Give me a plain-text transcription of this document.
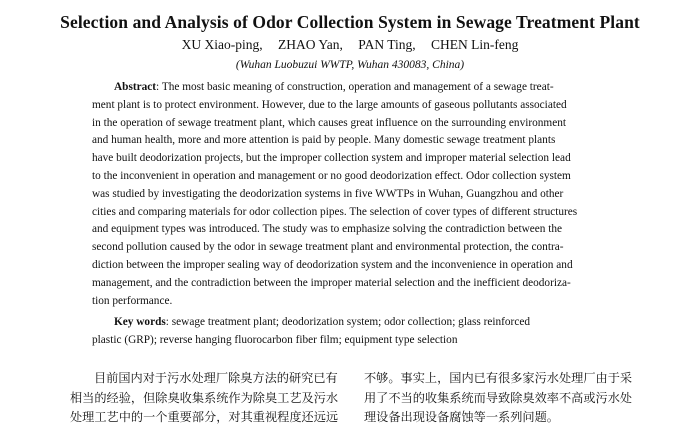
Selection and Analysis of Odor Collection System in Sewage Treatment Plant
XU Xiao-ping, ZHAO Yan, PAN Ting, CHEN Lin-feng
(Wuhan Luobuzui WWTP, Wuhan 430083, China)
Abstract: The most basic meaning of construction, operation and management of a sewage treat-
ment plant is to protect environment. However, due to the large amounts of gaseous pollutants associated
in the operation of sewage treatment plant, which causes great influence on the surrounding environment
and human health, more and more attention is paid by people. Many domestic sewage treatment plants
have built deodorization projects, but the improper collection system and improper material selection lead
to the inconvenient in operation and management or no good deodorization effect. Odor collection system
was studied by investigating the deodorization systems in five WWTPs in Wuhan, Guangzhou and other
cities and comparing materials for odor collection pipes. The selection of cover types of different structures
and equipment types was introduced. The study was to emphasize solving the contradiction between the
second pollution caused by the odor in sewage treatment plant and environmental protection, the contra-
diction between the improper sealing way of deodorization system and the inconvenience in operation and
management, and the contradiction between the improper material selection and the inefficient deodoriza-
tion performance.
Key words: sewage treatment plant; deodorization system; odor collection; glass reinforced
plastic (GRP); reverse hanging fluorocarbon fiber film; equipment type selection
目前国内对于污水处理厂除臭方法的研究已有
相当的经验，但除臭收集系统作为除臭工艺及污水
处理工艺中的一个重要部分，对其重视程度还远远
不够。事实上，国内已有很多家污水处理厂由于采
用了不当的收集系统而导致除臭效率不高或污水处
理设备出现设备腐蚀等一系列问题。
